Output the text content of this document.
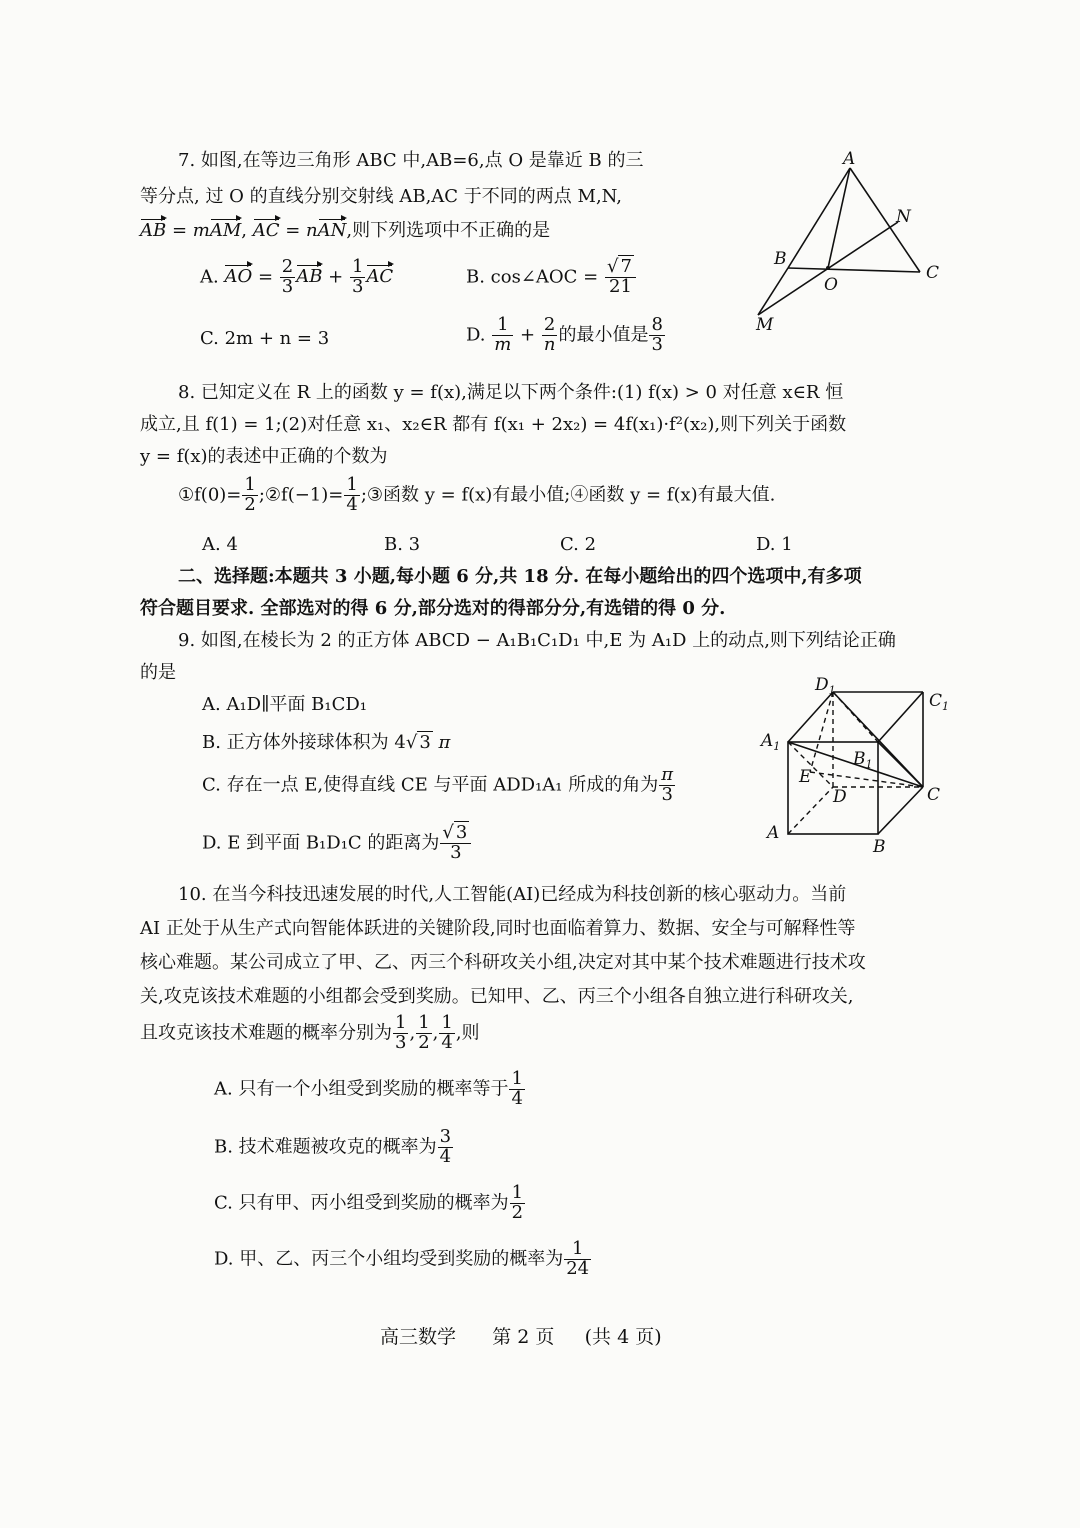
7. 如图,在等边三角形 ABC 中,AB=6,点 O 是靠近 B 的三
等分点, 过 O 的直线分别交射线 AB,AC 于不同的两点 M,N,
AB = mAM, AC = nAN,则下列选项中不正确的是
A. AO = $\frac{2}{3}$ AB + $\frac{1}{3}$ AC	B. cos∠AOC = $\frac{√ 7}{21}$
C. 2m + n = 3	D. $\frac{1}{m} + \frac{2}{n}$ 的最小值是 $\frac{8}{3}$
A
B
C
O
N
M
8. 已知定义在 R 上的函数 y = f(x),满足以下两个条件:(1) f(x) > 0 对任意 x∈R 恒
成立,且 f(1) = 1;(2)对任意 x₁、x₂∈R 都有 f(x₁ + 2x₂) = 4f(x₁)·f²(x₂),则下列关于函数
y = f(x)的表述中正确的个数为
①f(0)= $\frac{1}{2}$ ;②f(−1)= $\frac{1}{4}$ ;③函数 y = f(x)有最小值;④函数 y = f(x)有最大值.
A. 4	B. 3	C. 2	D. 1
二、选择题:本题共 3 小题,每小题 6 分,共 18 分. 在每小题给出的四个选项中,有多项
符合题目要求. 全部选对的得 6 分,部分选对的得部分分,有选错的得 0 分.
9. 如图,在棱长为 2 的正方体 ABCD − A₁B₁C₁D₁ 中,E 为 A₁D 上的动点,则下列结论正确
的是
A. A₁D∥平面 B₁CD₁
B. 正方体外接球体积为 4√ 3 π
C. 存在一点 E,使得直线 CE 与平面 ADD₁A₁ 所成的角为 $\frac{\pi}{3}$
D. E 到平面 B₁D₁C 的距离为 $\frac{√ 3}{3}$
$D_1$
$C_1$
$A_1$
$B_1$
E
D	C
A
B
10. 在当今科技迅速发展的时代,人工智能(AI)已经成为科技创新的核心驱动力。当前
AI 正处于从生产式向智能体跃进的关键阶段,同时也面临着算力、数据、安全与可解释性等
核心难题。某公司成立了甲、乙、丙三个科研攻关小组,决定对其中某个技术难题进行技术攻
关,攻克该技术难题的小组都会受到奖励。已知甲、乙、丙三个小组各自独立进行科研攻关,
且攻克该技术难题的概率分别为 $\frac{1}{3}$ , $\frac{1}{2}$ , $\frac{1}{4}$ ,则
A. 只有一个小组受到奖励的概率等于 $\frac{1}{4}$
B. 技术难题被攻克的概率为 $\frac{3}{4}$
C. 只有甲、丙小组受到奖励的概率为 $\frac{1}{2}$
D. 甲、乙、丙三个小组均受到奖励的概率为 $\frac{1}{24}$
高三数学 第 2 页 (共 4 页)
